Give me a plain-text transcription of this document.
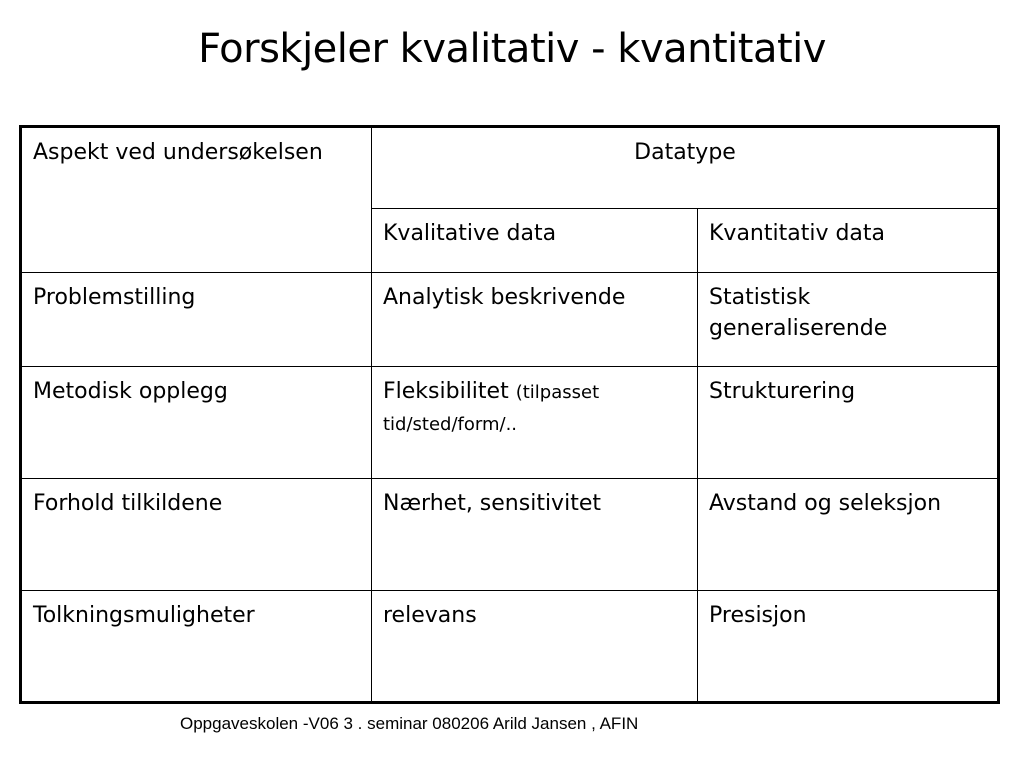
Forskjeler kvalitativ - kvantitativ
Aspekt ved undersøkelsen	Datatype	
	Kvalitative data	Kvantitativ data
Problemstilling	Analytisk beskrivende	Statistisk generaliserende
Metodisk opplegg	Fleksibilitet (tilpasset tid/sted/form/..	Strukturering
Forhold tilkildene	Nærhet, sensitivitet	Avstand og seleksjon
Tolkningsmuligheter	relevans	Presisjon
Oppgaveskolen -V06 3 . seminar 080206 Arild Jansen , AFIN
